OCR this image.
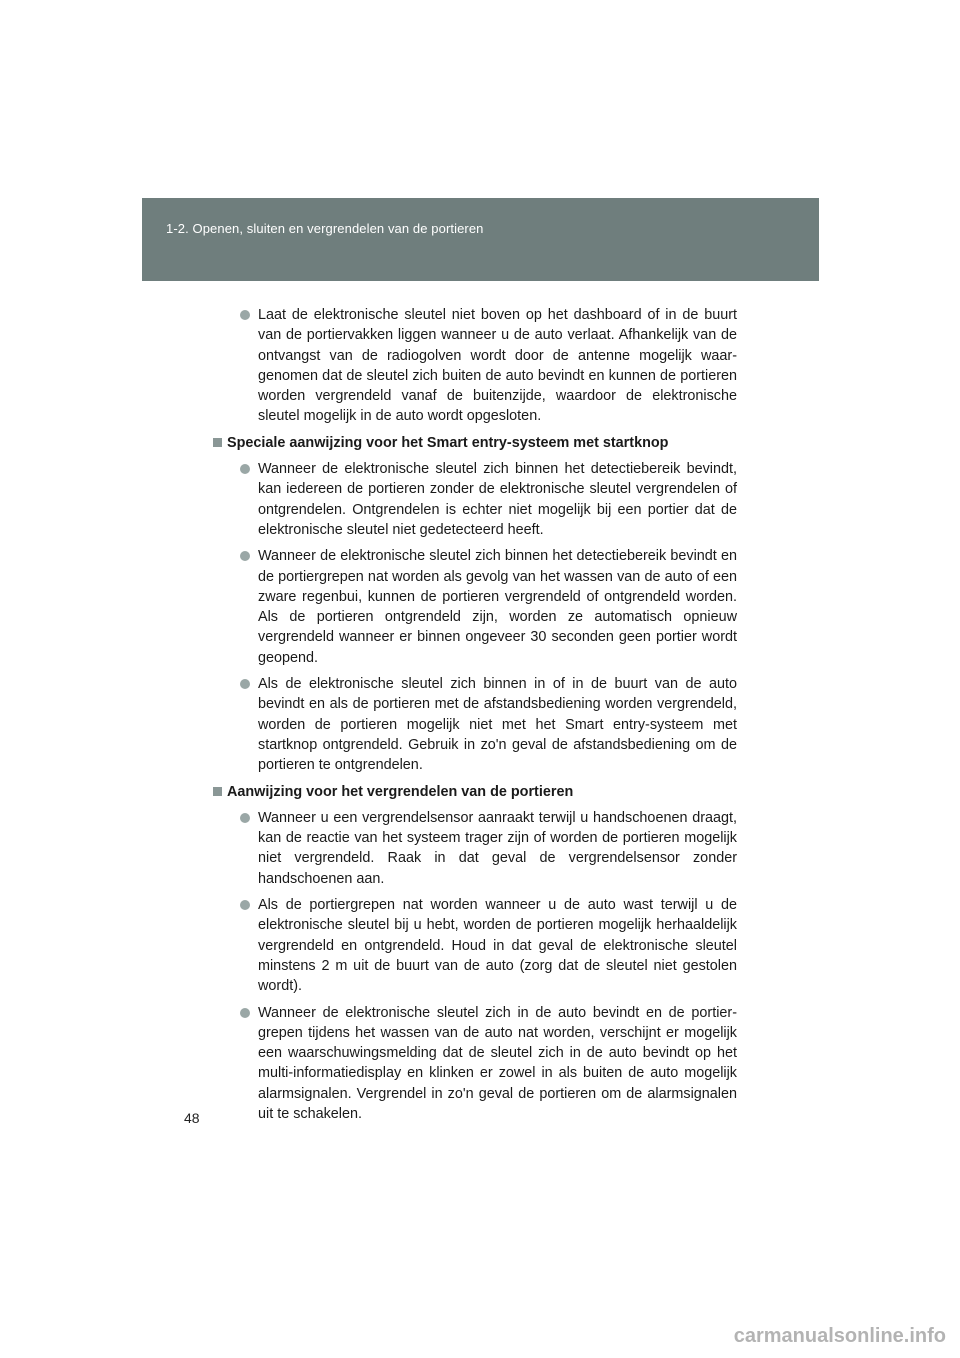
1-2. Openen, sluiten en vergrendelen van de portieren
Laat de elektronische sleutel niet boven op het dashboard of in de buurt van de portiervakken liggen wanneer u de auto verlaat. Afhankelijk van de ontvangst van de radiogolven wordt door de antenne mogelijk waargenomen dat de sleutel zich buiten de auto bevindt en kunnen de portieren worden vergrendeld vanaf de buitenzijde, waardoor de elektronische sleutel mogelijk in de auto wordt opgesloten.
Speciale aanwijzing voor het Smart entry-systeem met startknop
Wanneer de elektronische sleutel zich binnen het detectiebereik bevindt, kan iedereen de portieren zonder de elektronische sleutel vergrendelen of ontgrendelen. Ontgrendelen is echter niet mogelijk bij een portier dat de elektronische sleutel niet gedetecteerd heeft.
Wanneer de elektronische sleutel zich binnen het detectiebereik bevindt en de portiergrepen nat worden als gevolg van het wassen van de auto of een zware regenbui, kunnen de portieren vergrendeld of ontgrendeld worden. Als de portieren ontgrendeld zijn, worden ze automatisch opnieuw vergrendeld wanneer er binnen ongeveer 30 seconden geen portier wordt geopend.
Als de elektronische sleutel zich binnen in of in de buurt van de auto bevindt en als de portieren met de afstandsbediening worden vergrendeld, worden de portieren mogelijk niet met het Smart entry-systeem met startknop ontgrendeld. Gebruik in zo'n geval de afstandsbediening om de portieren te ontgrendelen.
Aanwijzing voor het vergrendelen van de portieren
Wanneer u een vergrendelsensor aanraakt terwijl u handschoenen draagt, kan de reactie van het systeem trager zijn of worden de portieren mogelijk niet vergrendeld. Raak in dat geval de vergrendelsensor zonder handschoenen aan.
Als de portiergrepen nat worden wanneer u de auto wast terwijl u de elektronische sleutel bij u hebt, worden de portieren mogelijk herhaaldelijk vergrendeld en ontgrendeld. Houd in dat geval de elektronische sleutel minstens 2 m uit de buurt van de auto (zorg dat de sleutel niet gestolen wordt).
Wanneer de elektronische sleutel zich in de auto bevindt en de portiergrepen tijdens het wassen van de auto nat worden, verschijnt er mogelijk een waarschuwingsmelding dat de sleutel zich in de auto bevindt op het multi-informatiedisplay en klinken er zowel in als buiten de auto mogelijk alarmsignalen. Vergrendel in zo'n geval de portieren om de alarmsignalen uit te schakelen.
48
carmanualsonline.info
